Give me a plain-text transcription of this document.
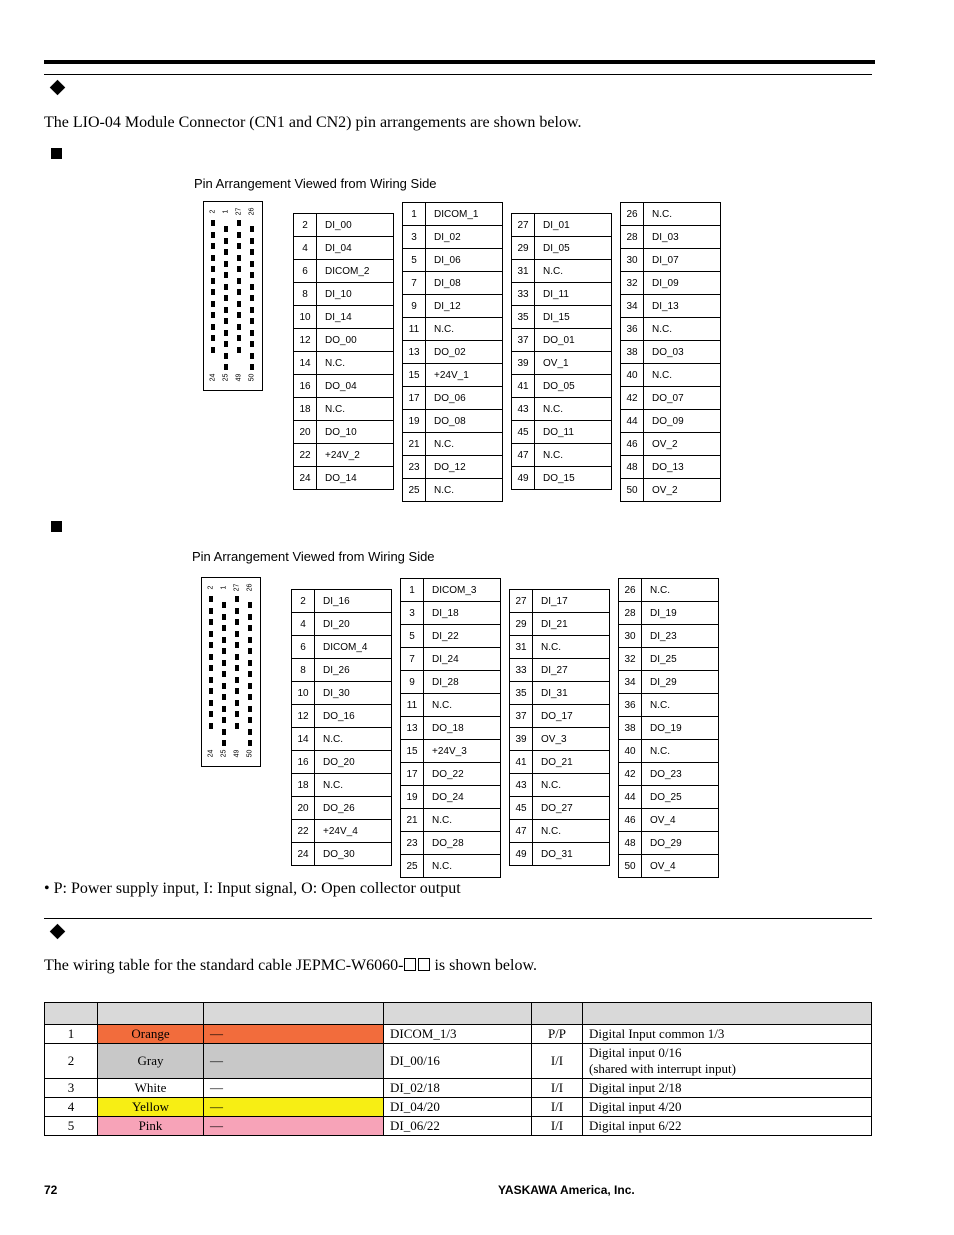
The LIO-04 Module Connector (CN1 and CN2) pin arrangements are shown below.
Pin Arrangement Viewed from Wiring Side
2 1 27 26
24 25 49 50
2	DI_00
4	DI_04
6	DICOM_2
8	DI_10
10	DI_14
12	DO_00
14	N.C.
16	DO_04
18	N.C.
20	DO_10
22	+24V_2
24	DO_14
1	DICOM_1
3	DI_02
5	DI_06
7	DI_08
9	DI_12
11	N.C.
13	DO_02
15	+24V_1
17	DO_06
19	DO_08
21	N.C.
23	DO_12
25	N.C.
27	DI_01
29	DI_05
31	N.C.
33	DI_11
35	DI_15
37	DO_01
39	OV_1
41	DO_05
43	N.C.
45	DO_11
47	N.C.
49	DO_15
26	N.C.
28	DI_03
30	DI_07
32	DI_09
34	DI_13
36	N.C.
38	DO_03
40	N.C.
42	DO_07
44	DO_09
46	OV_2
48	DO_13
50	OV_2
Pin Arrangement Viewed from Wiring Side
2 1 27 26
24 25 49 50
2	DI_16
4	DI_20
6	DICOM_4
8	DI_26
10	DI_30
12	DO_16
14	N.C.
16	DO_20
18	N.C.
20	DO_26
22	+24V_4
24	DO_30
1	DICOM_3
3	DI_18
5	DI_22
7	DI_24
9	DI_28
11	N.C.
13	DO_18
15	+24V_3
17	DO_22
19	DO_24
21	N.C.
23	DO_28
25	N.C.
27	DI_17
29	DI_21
31	N.C.
33	DI_27
35	DI_31
37	DO_17
39	OV_3
41	DO_21
43	N.C.
45	DO_27
47	N.C.
49	DO_31
26	N.C.
28	DI_19
30	DI_23
32	DI_25
34	DI_29
36	N.C.
38	DO_19
40	N.C.
42	DO_23
44	DO_25
46	OV_4
48	DO_29
50	OV_4
• P: Power supply input, I: Input signal, O: Open collector output
The wiring table for the standard cable JEPMC-W6060- is shown below.

1	Orange	—	DICOM_1/3	P/P	Digital Input common 1/3
2	Gray	—	DI_00/16	I/I	Digital input 0/16
(shared with interrupt input)
3	White	—	DI_02/18	I/I	Digital input 2/18
4	Yellow	—	DI_04/20	I/I	Digital input 4/20
5	Pink	—	DI_06/22	I/I	Digital input 6/22
72	YASKAWA America, Inc.
